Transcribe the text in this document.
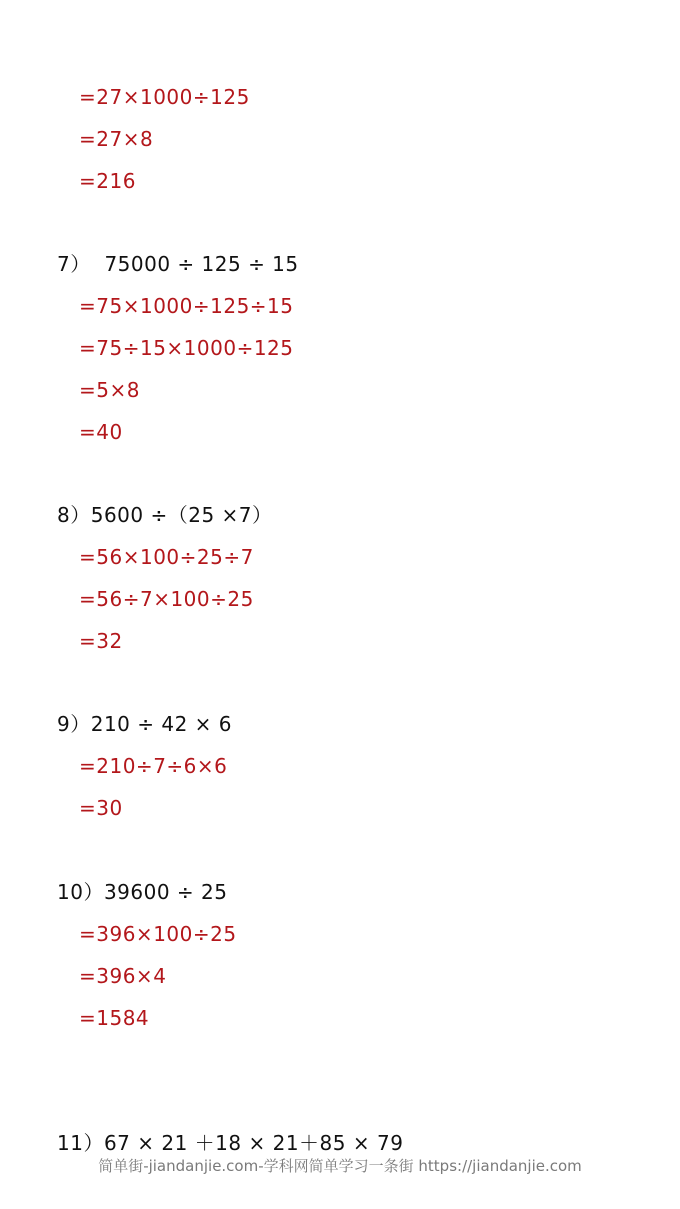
=27×1000÷125
=27×8
=216
7）  75000 ÷ 125 ÷ 15
=75×1000÷125÷15
=75÷15×1000÷125
=5×8
=40
8）5600 ÷（25 ×7）
=56×100÷25÷7
=56÷7×100÷25
=32
9）210 ÷ 42 × 6
=210÷7÷6×6
=30
10）39600 ÷ 25
=396×100÷25
=396×4
=1584
11）67 × 21 ＋18 × 21＋85 × 79
简单街-jiandanjie.com-学科网简单学习一条街 https://jiandanjie.com
